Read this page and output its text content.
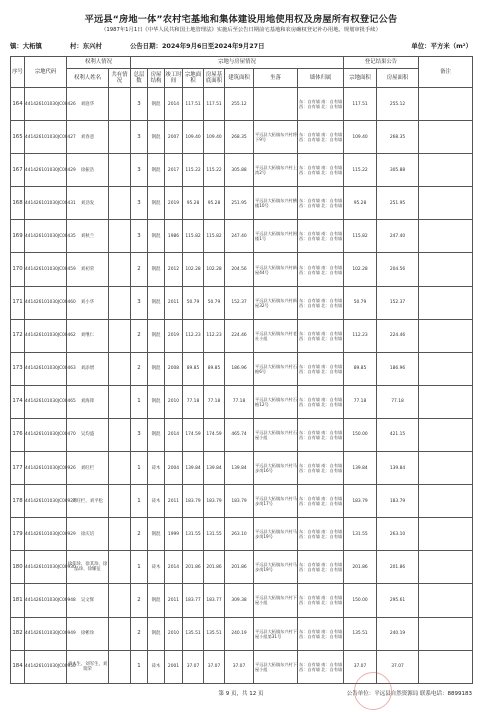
平远县“房地一体”农村宅基地和集体建设用地使用权及房屋所有权登记公告
（1987年1月1日《中华人民共和国土地管理法》实施后至公告日期前宅基地和农房确权登记补办用地、规划审批手续）
镇：大柘镇	村：东兴村	公告日期：2024年9月6日至2024年9月27日	单位：平方米（m²）
序号	宗地代码	权利人情况		宗地与房屋情况								登记结果公告		备注
		权利人姓名	共有情况	总层数	房屋结构	竣工时间	宗地面积	房屋基底面积	建筑面积	坐落	墙体归属	宗地面积	房屋面积	
164	441426101030JC00426	刘庭华		3	钢混	2014	117.51	117.51	255.12		东：自有墙 南：自有墙 西：自有墙 北：自有墙	117.51	255.12	
165	441426101030JC00427	刘春意		3	钢混	2007	109.40	109.40	268.35	平远县大柘镇东兴村将下9号	东：自有墙 南：自有墙 西：自有墙 北：自有墙	109.40	268.35	
167	441426101030JC00429	徐振浩		3	钢混	2017	115.22	115.22	305.88	平远县大柘镇东兴村上湾2号	东：自有墙 南：自有墙 西：自有墙 北：自有墙	115.22	305.88	
168	441426101030JC00431	刘劲发		3	钢混	2019	95.28	95.28	251.95	平远县大柘镇东兴村横楼10号	东：自有墙 南：自有墙 西：自有墙 北：自有墙	95.28	251.95	
169	441426101030JC00435	刘秋兰		3	钢混	1986	115.82	115.82	247.40	平远县大柘镇东兴村围楼1号	东：自有墙 南：自有墙 西：自有墙 北：自有墙	115.82	247.40	
170	441426101030JC00459	刘初荣		2	钢混	2012	102.28	102.28	204.56	平远县大柘镇东兴村新屋44号	东：自有墙 南：自有墙 西：自有墙 北：自有墙	102.28	204.56	
171	441426101030JC00460	刘小华		3	钢混	2011	50.79	50.79	152.37	平远县大柘镇东兴村新屋32号	东：自有墙 南：自有墙 西：自有墙 北：自有墙	50.79	152.37	
172	441426101030JC00462	刘继仁		2	钢混	2019	112.23	112.23	224.46	平远县大柘镇东兴村老社小组	东：自有墙 南：自有墙 西：自有墙 北：自有墙	112.23	224.46	
173	441426101030JC00463	刘添增		2	钢混	2008	89.85	89.85	186.96	平远县大柘镇东兴村石檐6号	东：自有墙 南：自有墙 西：自有墙 北：自有墙	89.85	186.96	
174	441426101030JC00465	刘海锋		1	钢混	2010	77.18	77.18	77.18	平远县大柘镇东兴村石檐12号	东：自有墙 南：自有墙 西：自有墙 北：自有墙	77.18	77.18	
176	441426101030JC00470	吴均盛		3	钢混	2014	174.59	174.59	465.74	平远县大柘镇东兴村石屋小组	东：自有墙 南：自有墙 西：自有墙 北：自有墙	150.00	421.15	
177	441426101030JC00926	刘旺栏		1	砖木	2004	139.84	139.84	139.84	平远县大柘镇东兴村马步岗16号	东：自有墙 南：自有墙 西：自有墙 北：自有墙	139.84	139.84	
178	441426101030JC00927	刘旺栏、刘平松		1	砖木	2011	183.79	183.79	183.79	平远县大柘镇东兴村马步岗17号	东：自有墙 南：自有墙 西：自有墙 北：自有墙	183.79	183.79	
179	441426101030JC00929	徐庆培		2	钢混	1999	131.55	131.55	263.10	平远县大柘镇东兴村马步岗19号	东：自有墙 南：自有墙 西：自有墙 北：自有墙	131.55	263.10	
180	441426101030JC00930	徐伟珍、徐其珍、徐晶珍、徐耀征		1	砖木	2014	201.86	201.86	201.86	平远县大柘镇东兴村马步岗19号	东：自有墙 南：自有墙 西：自有墙 北：自有墙	201.86	201.86	
181	441426101030JC00948	吴文辉		2	钢混	2011	183.77	183.77	309.38	平远县大柘镇东兴村下屋小组	东：自有墙 南：自有墙 西：自有墙 北：自有墙	150.00	295.61	
182	441426101030JC00949	徐彬珍		2	钢混	2010	135.51	135.51	240.19	平远县大柘镇东兴村下屋小组第31号	东：自有墙 南：自有墙 西：自有墙 北：自有墙	135.51	240.19	
184	441426101030JC00950	刘木生、刘军生、刘瑞荣		1	砖木	2001	37.07	37.07	37.07	平远县大柘镇东兴村下屋小组	东：自有墙 南：自有墙 西：自有墙 北：自有墙	37.07	37.07	
第 9 页，共 12 页	公告单位：平远县自然资源局 联系电话：8899183
